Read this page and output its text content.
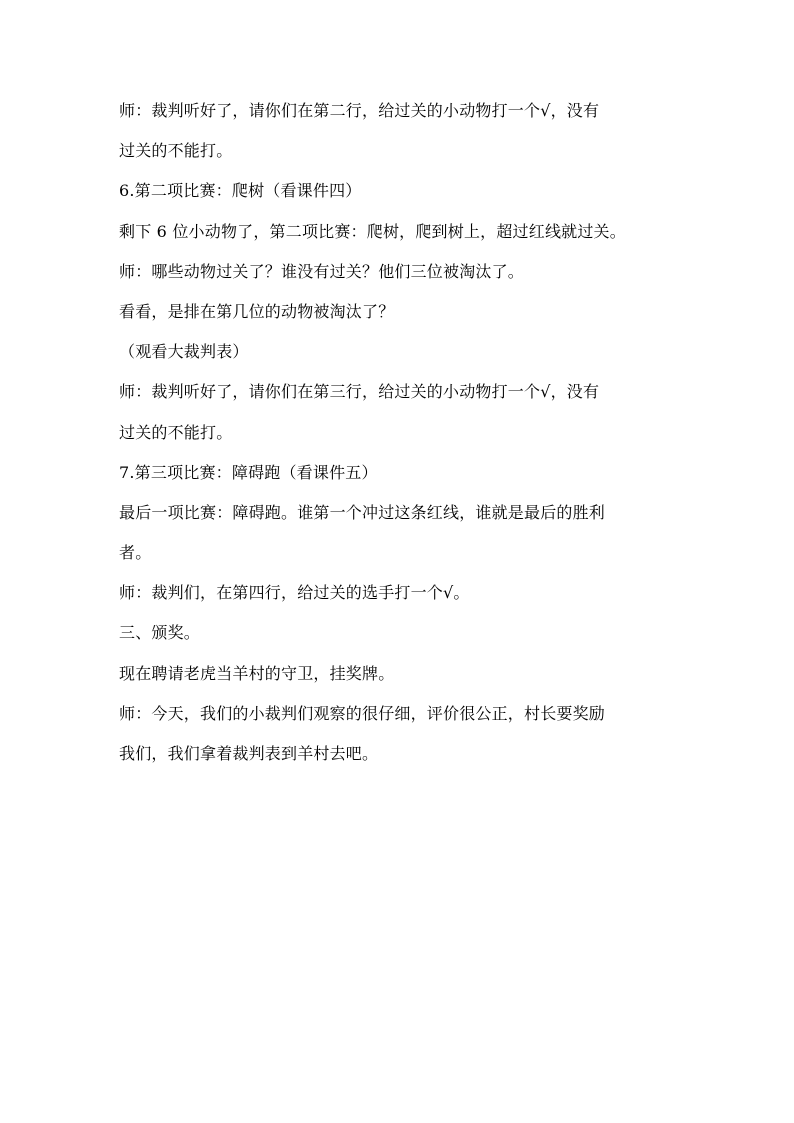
师：裁判听好了，请你们在第二行，给过关的小动物打一个√，没有
过关的不能打。
6.第二项比赛：爬树（看课件四）
剩下 6 位小动物了，第二项比赛：爬树，爬到树上，超过红线就过关。
师：哪些动物过关了？谁没有过关？他们三位被淘汰了。
看看，是排在第几位的动物被淘汰了？
（观看大裁判表）
师：裁判听好了，请你们在第三行，给过关的小动物打一个√，没有
过关的不能打。
7.第三项比赛：障碍跑（看课件五）
最后一项比赛：障碍跑。谁第一个冲过这条红线，谁就是最后的胜利
者。
师：裁判们，在第四行，给过关的选手打一个√。
三、颁奖。
现在聘请老虎当羊村的守卫，挂奖牌。
师：今天，我们的小裁判们观察的很仔细，评价很公正，村长要奖励
我们，我们拿着裁判表到羊村去吧。
